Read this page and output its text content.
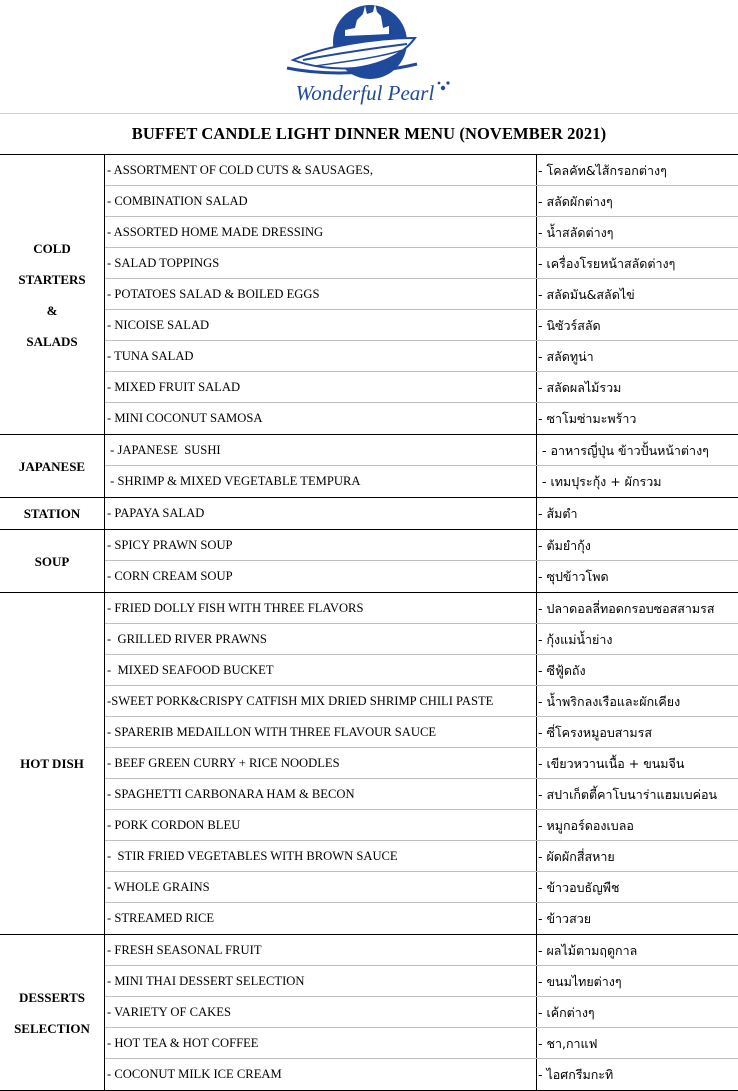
Wonderful Pearl
BUFFET CANDLE LIGHT DINNER MENU (NOVEMBER 2021)
COLD
STARTERS
&
SALADS
- ASSORTMENT OF COLD CUTS & SAUSAGES,	- โคลคัท&ไส้กรอกต่างๆ
- COMBINATION SALAD	- สลัดผักต่างๆ
- ASSORTED HOME MADE DRESSING	- น้ำสลัดต่างๆ
- SALAD TOPPINGS	- เครื่องโรยหน้าสลัดต่างๆ
- POTATOES SALAD & BOILED EGGS	- สลัดมัน&สลัดไข่
- NICOISE SALAD	- นิซัวร์สลัด
- TUNA SALAD	- สลัดทูน่า
- MIXED FRUIT SALAD	- สลัดผลไม้รวม
- MINI COCONUT SAMOSA	- ซาโมซ่ามะพร้าว
JAPANESE
- JAPANESE  SUSHI	- อาหารญี่ปุ่น ข้าวปั้นหน้าต่างๆ
- SHRIMP & MIXED VEGETABLE TEMPURA	- เทมปุระกุ้ง + ผักรวม
STATION - PAPAYA SALAD	- ส้มตำ
SOUP
- SPICY PRAWN SOUP	- ต้มยำกุ้ง
- CORN CREAM SOUP	- ซุปข้าวโพด
HOT DISH
- FRIED DOLLY FISH WITH THREE FLAVORS	- ปลาดอลลี่ทอดกรอบซอสสามรส
-  GRILLED RIVER PRAWNS	- กุ้งแม่น้ำย่าง
-  MIXED SEAFOOD BUCKET	- ซีฟู้ดถัง
-SWEET PORK&CRISPY CATFISH MIX DRIED SHRIMP CHILI PASTE	- น้ำพริกลงเรือและผักเคียง
- SPARERIB MEDAILLON WITH THREE FLAVOUR SAUCE	- ซี่โครงหมูอบสามรส
- BEEF GREEN CURRY + RICE NOODLES	- เขียวหวานเนื้อ + ขนมจีน
- SPAGHETTI CARBONARA HAM & BECON	- สปาเก็ตตี้คาโบนาร่าแฮมเบค่อน
- PORK CORDON BLEU	- หมูกอร์ดองเบลอ
-  STIR FRIED VEGETABLES WITH BROWN SAUCE	- ผัดผักสี่สหาย
- WHOLE GRAINS	- ข้าวอบธัญพืช
- STREAMED RICE	- ข้าวสวย
DESSERTS
SELECTION
- FRESH SEASONAL FRUIT	- ผลไม้ตามฤดูกาล
- MINI THAI DESSERT SELECTION	- ขนมไทยต่างๆ
- VARIETY OF CAKES	- เค้กต่างๆ
- HOT TEA & HOT COFFEE	- ชา,กาแฟ
- COCONUT MILK ICE CREAM	- ไอศกรีมกะทิ
